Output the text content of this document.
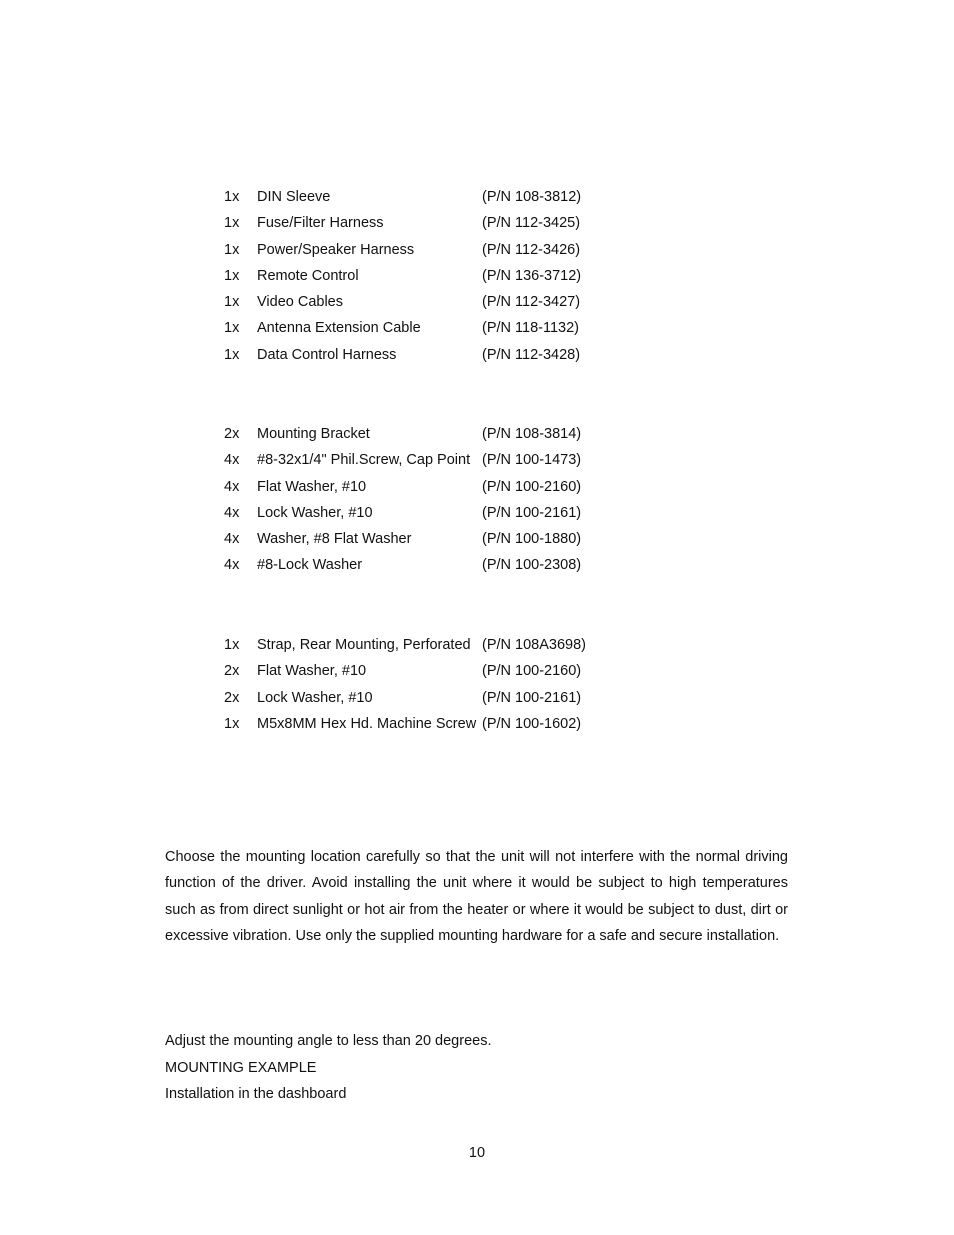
1x DIN Sleeve	(P/N 108-3812)
1x Fuse/Filter Harness	(P/N 112-3425)
1x Power/Speaker Harness	(P/N 112-3426)
1x Remote Control	(P/N 136-3712)
1x Video Cables	(P/N 112-3427)
1x Antenna Extension Cable	(P/N 118-1132)
1x Data Control Harness	(P/N 112-3428)
2x Mounting Bracket	(P/N 108-3814)
4x #8-32x1/4" Phil.Screw, Cap Point (P/N 100-1473)
4x Flat Washer, #10	(P/N 100-2160)
4x Lock Washer, #10	(P/N 100-2161)
4x Washer, #8 Flat Washer	(P/N 100-1880)
4x #8-Lock Washer	(P/N 100-2308)
1x Strap, Rear Mounting, Perforated (P/N 108A3698)
2x Flat Washer, #10	(P/N 100-2160)
2x Lock Washer, #10	(P/N 100-2161)
1x M5x8MM Hex Hd. Machine Screw (P/N 100-1602)

Choose the mounting location carefully so that the unit will not interfere with the normal driving function of the driver. Avoid installing the unit where it would be subject to high temperatures such as from direct sunlight or hot air from the heater or where it would be subject to dust, dirt or excessive vibration. Use only the supplied mounting hardware for a safe and secure installation.

Adjust the mounting angle to less than 20 degrees.

MOUNTING EXAMPLE

Installation in the dashboard

10
